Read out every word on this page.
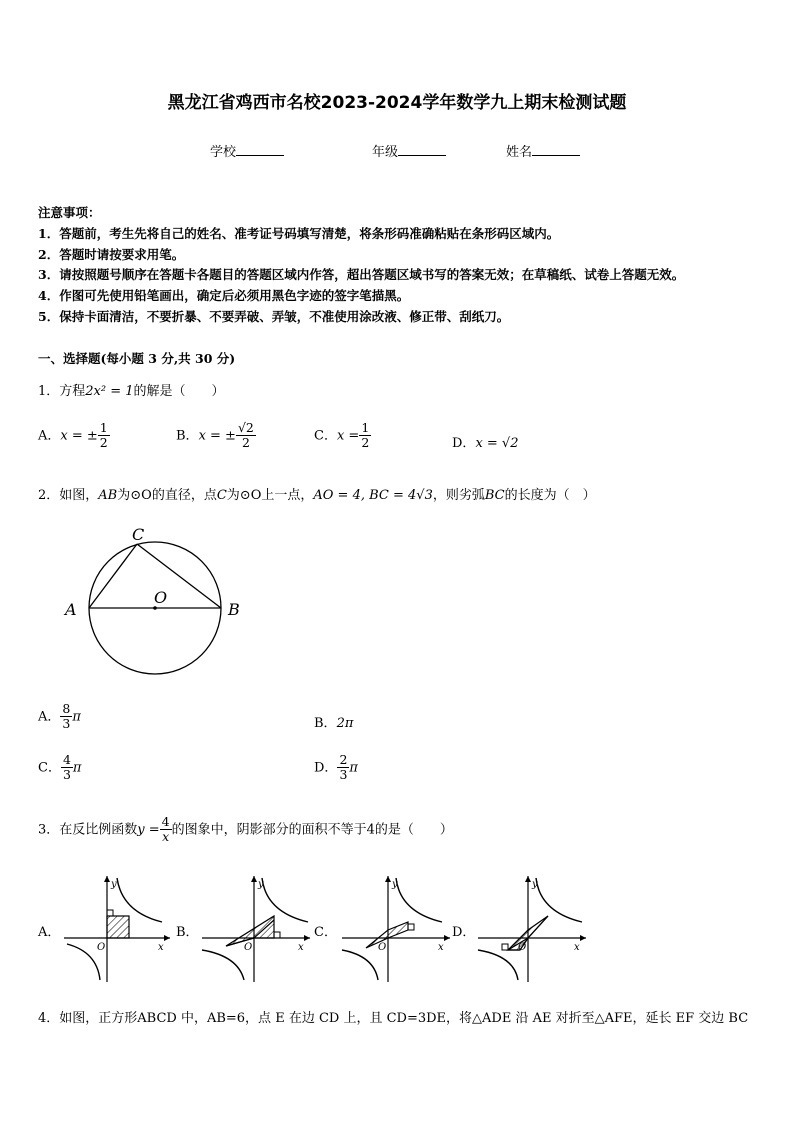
黑龙江省鸡西市名校2023-2024学年数学九上期末检测试题
学校	年级	姓名
注意事项：
1．答题前，考生先将自己的姓名、准考证号码填写清楚，将条形码准确粘贴在条形码区域内。
2．答题时请按要求用笔。
3．请按照题号顺序在答题卡各题目的答题区域内作答，超出答题区域书写的答案无效；在草稿纸、试卷上答题无效。
4．作图可先使用铅笔画出，确定后必须用黑色字迹的签字笔描黑。
5．保持卡面清洁，不要折暴、不要弄破、弄皱，不准使用涂改液、修正带、刮纸刀。
一、选择题(每小题 3 分,共 30 分)
1．方程2x² = 1的解是（　　）
A．x = ± $\frac{1}{2}$	B．x = ± $\frac{√2}{2}$	C．$x = \frac{1}{2}$	D．x = √2
2．如图，AB为⊙O的直径，点C为⊙O上一点，AO = 4, BC = 4√3，则劣弧BC的长度为（　）
A	B
C
O
A． $\frac{8}{3}$ π	B．2π
C． $\frac{4}{3}$ π	D． $\frac{2}{3}$ π
3．在反比例函数$y = \frac{4}{x}$ 的图象中，阴影部分的面积不等于4的是（　　）
A．
y
x
O
B．
y
x
O
C．
y
x
O
D．
y
x
O
4．如图，正方形ABCD 中，AB=6，点 E 在边 CD 上，且 CD=3DE，将△ADE 沿 AE 对折至△AFE，延长 EF 交边 BC
